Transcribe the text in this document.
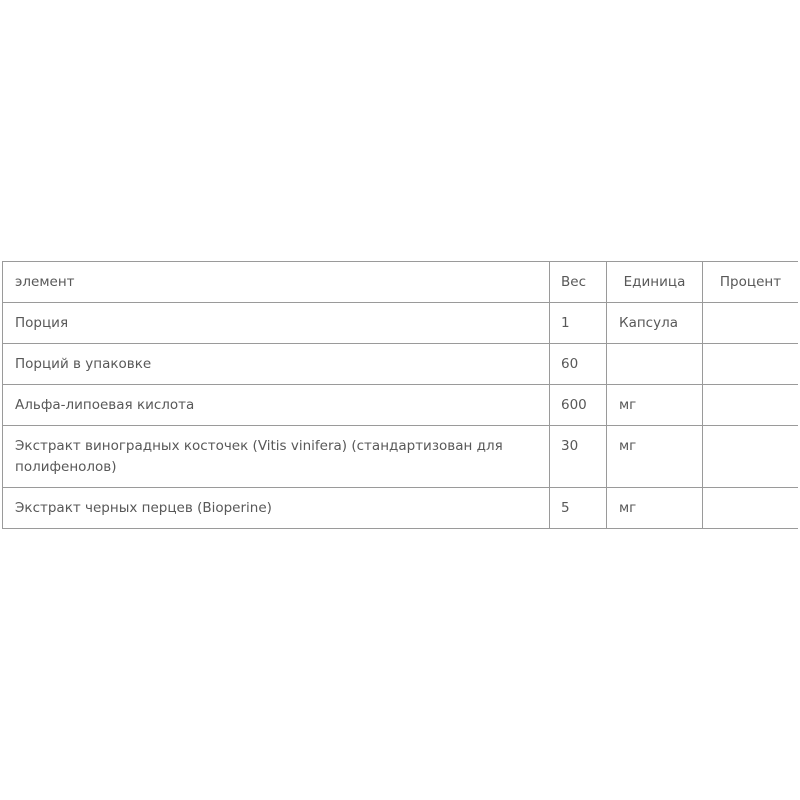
элемент	Вес	Единица	Процент
Порция	1	Капсула	
Порций в упаковке	60		
Альфа-липоевая кислота	600	мг	
Экстракт виноградных косточек (Vitis vinifera) (стандартизован для полифенолов)	30	мг	
Экстракт черных перцев (Bioperine)	5	мг	
